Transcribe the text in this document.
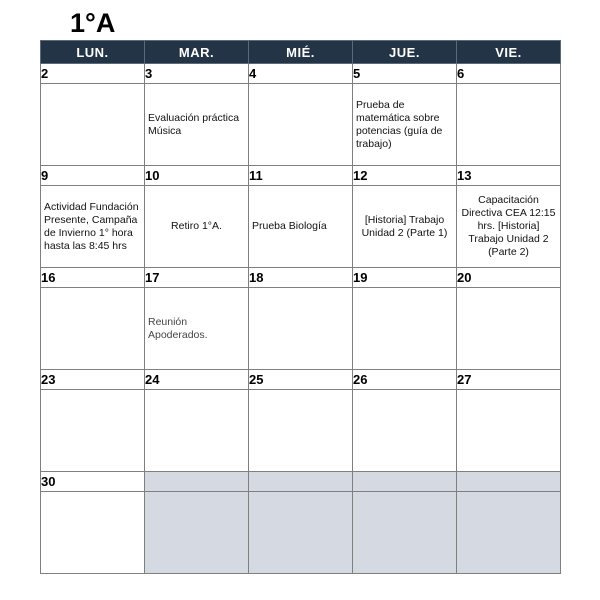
1°A
LUN.	MAR.	MIÉ.	JUE.	VIE.
2	3	4	5	6

	Evaluación práctica Música		Prueba de matemática sobre potencias (guía de trabajo)	

9	10	11	12	13

Actividad Fundación Presente, Campaña de Invierno 1° hora hasta las 8:45 hrs	Retiro 1°A.	Prueba Biología	[Historia] Trabajo Unidad 2 (Parte 1)	Capacitación Directiva CEA 12:15 hrs. [Historia] Trabajo Unidad 2 (Parte 2)

16	17	18	19	20

	Reunión Apoderados.			

23	24	25	26	27

30				
